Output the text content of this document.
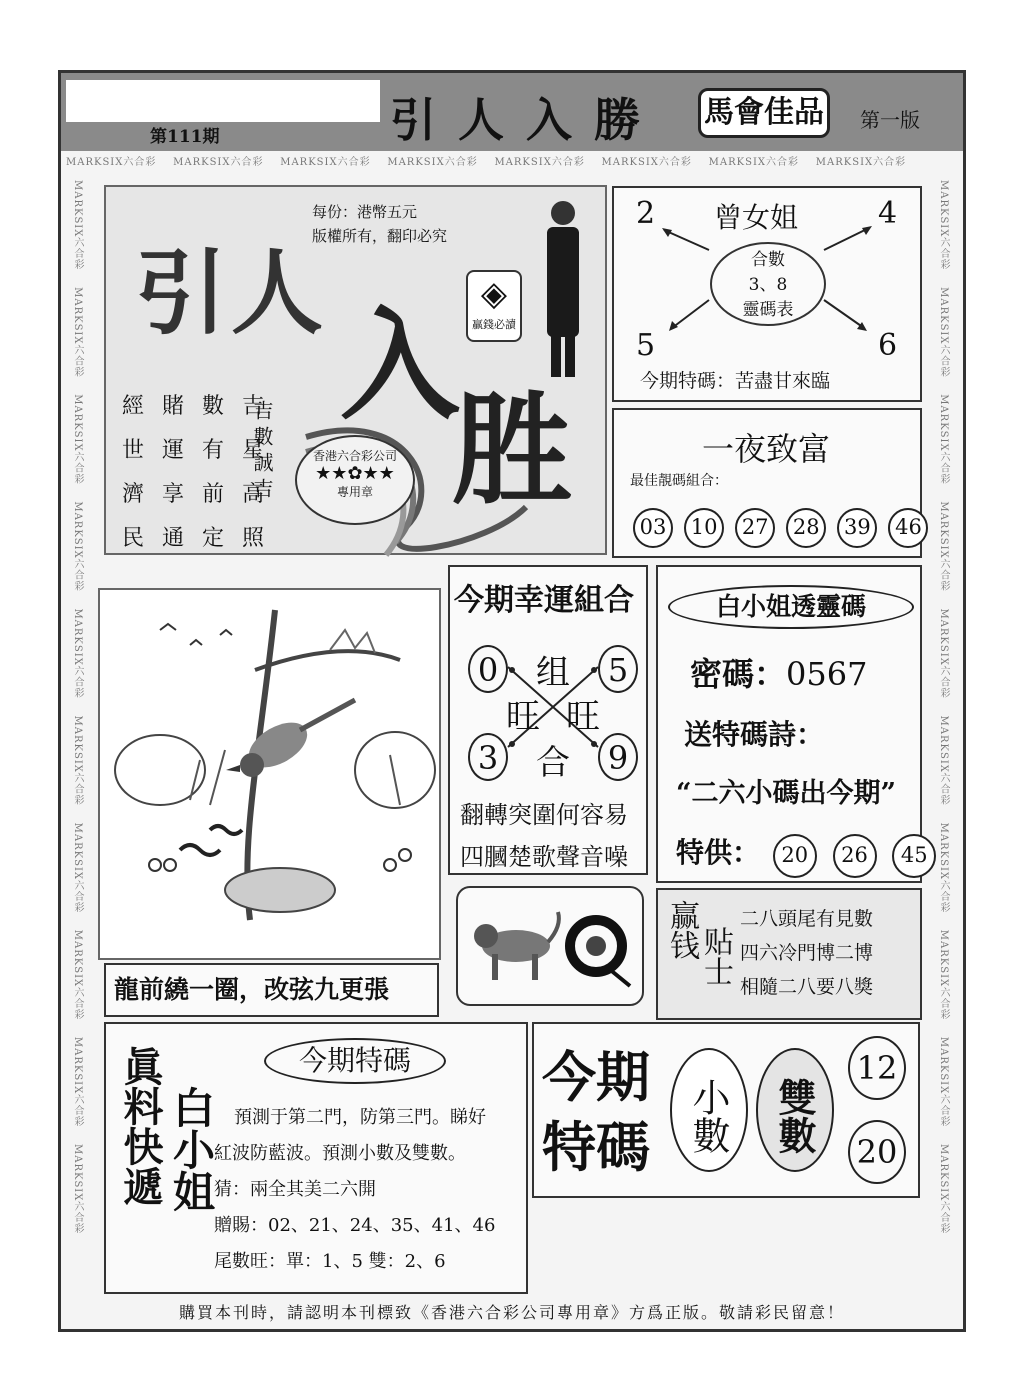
第111期	引人入勝 馬會佳品	第一版
MARKSIX六合彩 MARKSIX六合彩 MARKSIX六合彩 MARKSIX六合彩 MARKSIX六合彩 MARKSIX六合彩 MARKSIX六合彩 MARKSIX六合彩
MARKSIX六合彩    MARKSIX六合彩    MARKSIX六合彩    MARKSIX六合彩    MARKSIX六合彩    MARKSIX六合彩    MARKSIX六合彩    MARKSIX六合彩    MARKSIX六合彩    MARKSIX六合彩
MARKSIX六合彩    MARKSIX六合彩    MARKSIX六合彩    MARKSIX六合彩    MARKSIX六合彩    MARKSIX六合彩    MARKSIX六合彩    MARKSIX六合彩    MARKSIX六合彩    MARKSIX六合彩
每份：港幣五元
版權所有，翻印必究
引人
入
胜
◈
贏錢必讀
經賭數吉
世運有星
濟享前高
民通定照
吉數誠吉	香港六合彩公司
★★✿★★
專用章
曾女姐
2	4
5	6
合數
3、8
靈碼表
今期特碼：苦盡甘來臨
一夜致富
最佳靚碼組合：
03 10 27 28 39 46
龍前繞一圈，改弦九更張
今期幸運組合
0	5
3	9
组
旺 旺
合
翻轉突圍何容易
四膕楚歌聲音噪
白小姐透靈碼
密碼：0567
送特碼詩：
“二六小碼出今期”
特供： 20 26 45
赢钱 贴士
二八頭尾有見數
四六冷門博二博
相隨二八要八獎
眞料快遞 白小姐
今期特碼
預測于第二門，防第三門。睇好
紅波防藍波。預測小數及雙數。
猜：兩全其美二六開
贈賜：02、21、24、35、41、46
尾數旺：單：1、5 雙：2、6
今期
特碼 小數	雙數
12
20
購買本刊時，請認明本刊標致《香港六合彩公司專用章》方爲正版。敬請彩民留意！
